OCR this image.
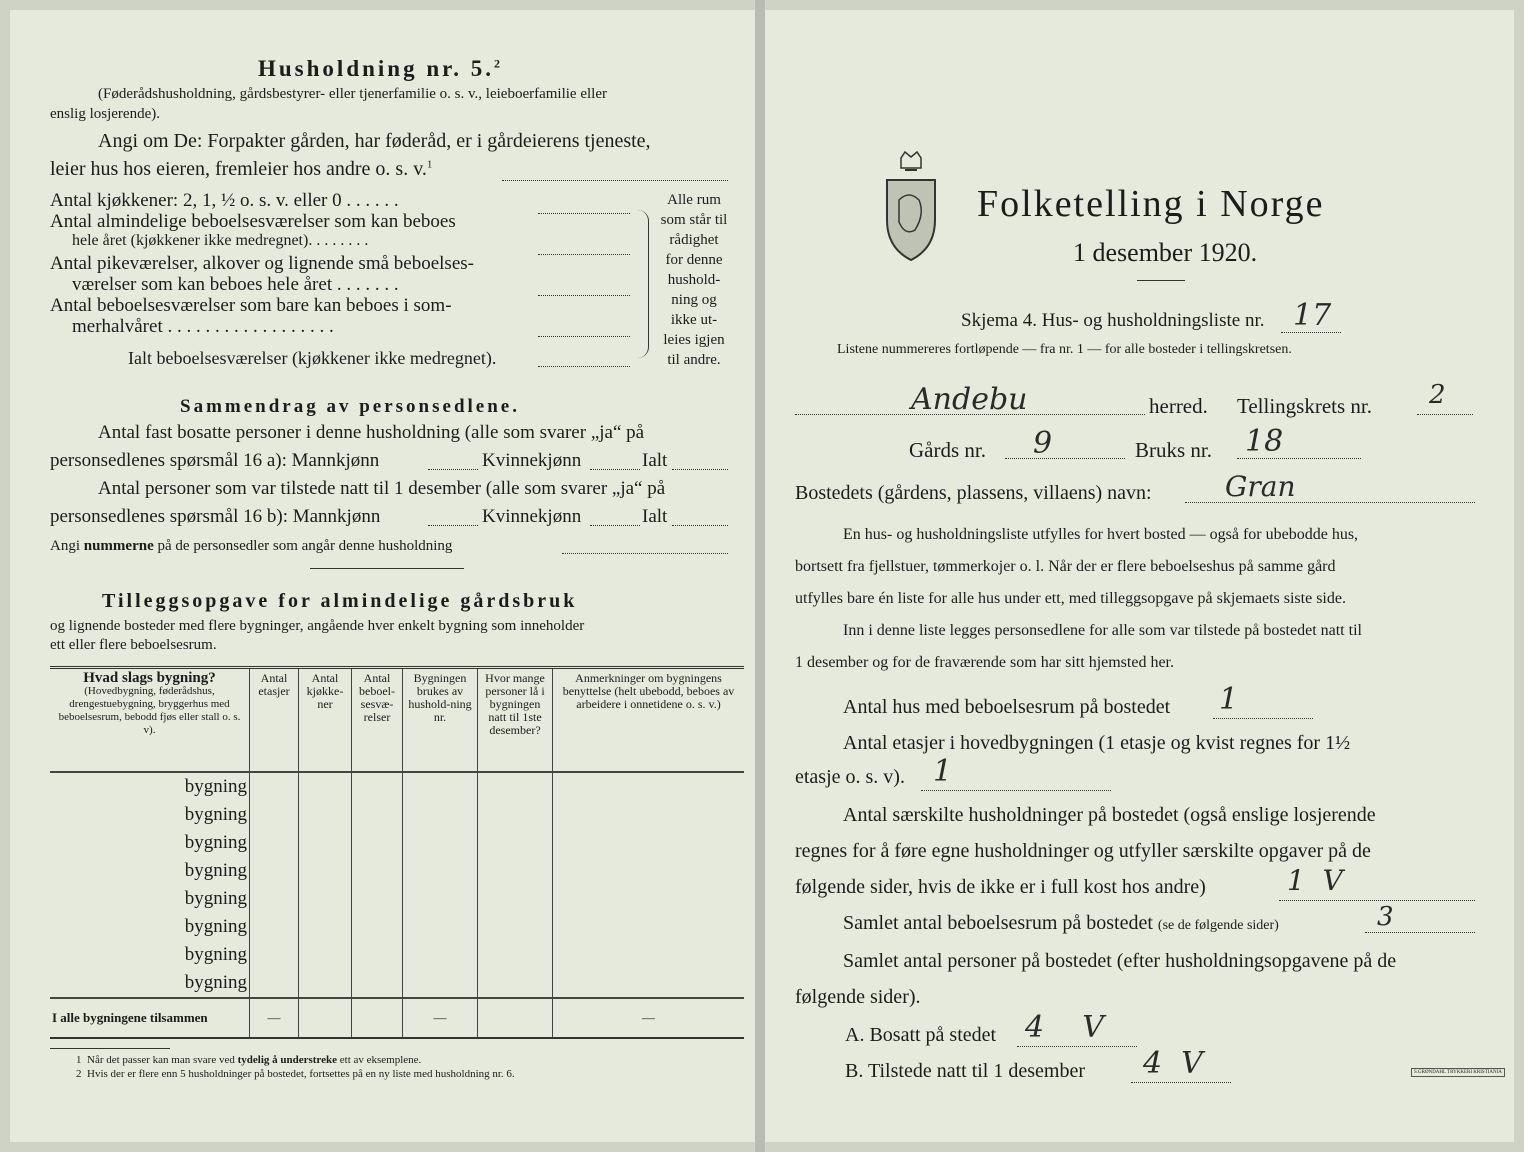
Husholdning nr. 5.$^2$
(Føderådshusholdning, gårdsbestyrer- eller tjenerfamilie o. s. v., leieboerfamilie eller
enslig losjerende).
Angi om De: Forpakter gården, har føderåd, er i gårdeierens tjeneste,
leier hus hos eieren, fremleier hos andre o. s. v.$^1$
Antal kjøkkener: 2, 1, ½ o. s. v. eller 0 . . . . . .
Antal almindelige beboelsesværelser som kan beboes
hele året (kjøkkener ikke medregnet). . . . . . . .
Antal pikeværelser, alkover og lignende små beboelses-
værelser som kan beboes hele året . . . . . . .
Antal beboelsesværelser som bare kan beboes i som-
merhalvåret . . . . . . . . . . . . . . . . . .
Ialt beboelsesværelser (kjøkkener ikke medregnet).
Alle rum
som står til
rådighet
for denne
hushold-
ning og
ikke ut-
leies igjen
til andre.
Sammendrag av personsedlene.
Antal fast bosatte personer i denne husholdning (alle som svarer „ja“ på
personsedlenes spørsmål 16 a): Mannkjønn	Kvinnekjønn	Ialt
Antal personer som var tilstede natt til 1 desember (alle som svarer „ja“ på
personsedlenes spørsmål 16 b): Mannkjønn	Kvinnekjønn	Ialt
Angi nummerne på de personsedler som angår denne husholdning
Tilleggsopgave for almindelige gårdsbruk
og lignende bosteder med flere bygninger, angående hver enkelt bygning som inneholder
ett eller flere beboelsesrum.
Hvad slags bygning?
(Hovedbygning, føderådshus, drengestuebygning, bryggerhus med beboelsesrum, bebodd fjøs eller stall o. s. v).	Antal etasjer	Antal kjøkke-ner	Antal beboel-sesvæ-relser	Bygningen brukes av hushold-ning nr.	Hvor mange personer lå i bygningen natt til 1ste desember?	Anmerkninger om bygningens benyttelse (helt ubebodd, beboes av arbeidere i onnetidene o. s. v.)
bygning						
bygning						
bygning						
bygning						
bygning						
bygning						
bygning						
bygning						
I alle bygningene tilsammen	—			—		—
1 Når det passer kan man svare ved tydelig å understreke ett av eksemplene.
2 Hvis der er flere enn 5 husholdninger på bostedet, fortsettes på en ny liste med husholdning nr. 6.
Folketelling i Norge
1 desember 1920.
Skjema 4. Hus- og husholdningsliste nr. 17
Listene nummereres fortløpende — fra nr. 1 — for alle bosteder i tellingskretsen.
Andebu	herred. Tellingskrets nr. 2
Gårds nr. 9	Bruks nr. 18
Bostedets (gårdens, plassens, villaens) navn:	Gran
En hus- og husholdningsliste utfylles for hvert bosted — også for ubebodde hus,
bortsett fra fjellstuer, tømmerkojer o. l. Når der er flere beboelseshus på samme gård
utfylles bare én liste for alle hus under ett, med tilleggsopgave på skjemaets siste side.
Inn i denne liste legges personsedlene for alle som var tilstede på bostedet natt til
1 desember og for de fraværende som har sitt hjemsted her.
Antal hus med beboelsesrum på bostedet 1
Antal etasjer i hovedbygningen (1 etasje og kvist regnes for 1½
etasje o. s. v). 1
Antal særskilte husholdninger på bostedet (også enslige losjerende
regnes for å føre egne husholdninger og utfyller særskilte opgaver på de
følgende sider, hvis de ikke er i full kost hos andre)	1 V
Samlet antal beboelsesrum på bostedet (se de følgende sider)	3
Samlet antal personer på bostedet (efter husholdningsopgavene på de
følgende sider).
A. Bosatt på stedet 4 V
B. Tilstede natt til 1 desember 4 V	S.GRØNDAHL TRYKKERI KRISTIANIA
